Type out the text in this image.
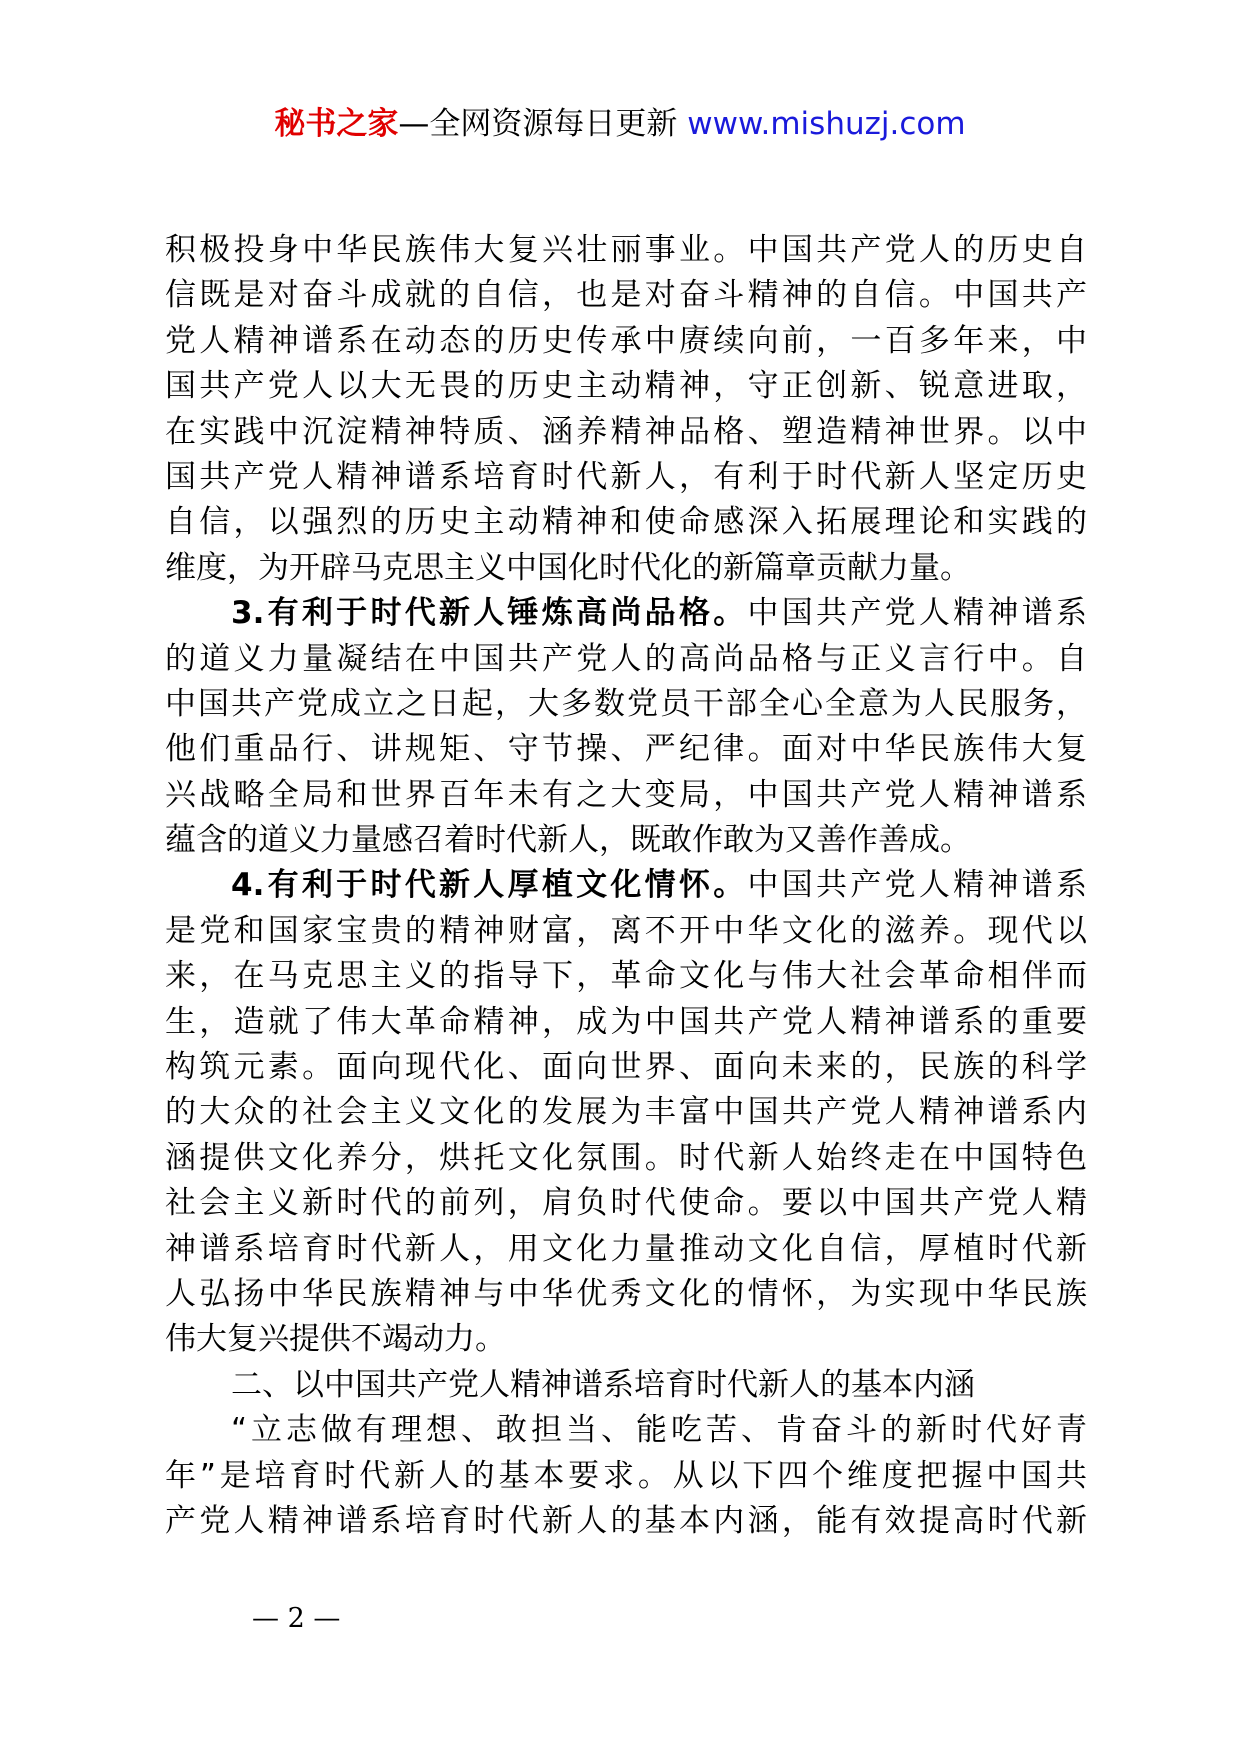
秘书之家—全网资源每日更新 www.mishuzj.com
积极投身中华民族伟大复兴壮丽事业。中国共产党人的历史自
信既是对奋斗成就的自信，也是对奋斗精神的自信。中国共产
党人精神谱系在动态的历史传承中赓续向前，一百多年来，中
国共产党人以大无畏的历史主动精神，守正创新、锐意进取，
在实践中沉淀精神特质、涵养精神品格、塑造精神世界。以中
国共产党人精神谱系培育时代新人，有利于时代新人坚定历史
自信，以强烈的历史主动精神和使命感深入拓展理论和实践的
维度，为开辟马克思主义中国化时代化的新篇章贡献力量。
3.有利于时代新人锤炼高尚品格。中国共产党人精神谱系
的道义力量凝结在中国共产党人的高尚品格与正义言行中。自
中国共产党成立之日起，大多数党员干部全心全意为人民服务，
他们重品行、讲规矩、守节操、严纪律。面对中华民族伟大复
兴战略全局和世界百年未有之大变局，中国共产党人精神谱系
蕴含的道义力量感召着时代新人，既敢作敢为又善作善成。
4.有利于时代新人厚植文化情怀。中国共产党人精神谱系
是党和国家宝贵的精神财富，离不开中华文化的滋养。现代以
来，在马克思主义的指导下，革命文化与伟大社会革命相伴而
生，造就了伟大革命精神，成为中国共产党人精神谱系的重要
构筑元素。面向现代化、面向世界、面向未来的，民族的科学
的大众的社会主义文化的发展为丰富中国共产党人精神谱系内
涵提供文化养分，烘托文化氛围。时代新人始终走在中国特色
社会主义新时代的前列，肩负时代使命。要以中国共产党人精
神谱系培育时代新人，用文化力量推动文化自信，厚植时代新
人弘扬中华民族精神与中华优秀文化的情怀，为实现中华民族
伟大复兴提供不竭动力。
二、以中国共产党人精神谱系培育时代新人的基本内涵
“立志做有理想、敢担当、能吃苦、肯奋斗的新时代好青
年”是培育时代新人的基本要求。从以下四个维度把握中国共
产党人精神谱系培育时代新人的基本内涵，能有效提高时代新
— 2 —
